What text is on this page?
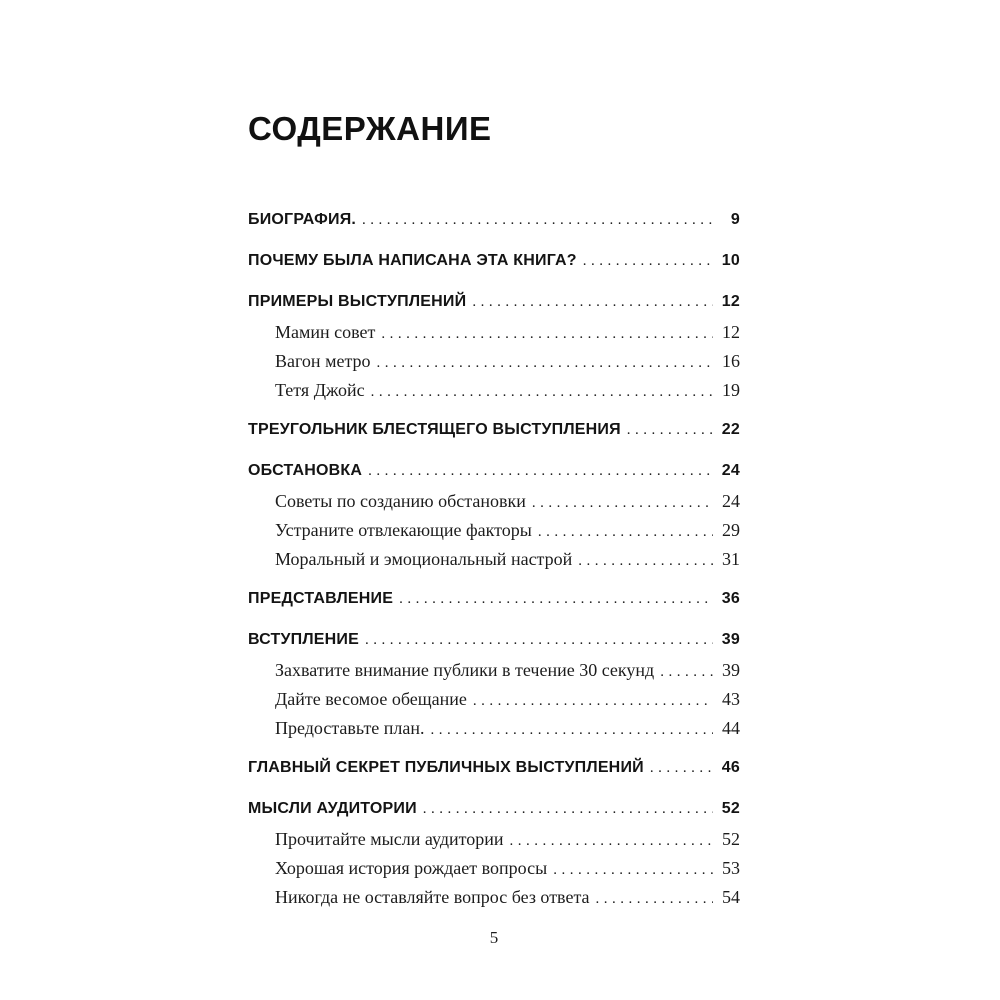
СОДЕРЖАНИЕ
БИОГРАФИЯ. .....	9
ПОЧЕМУ БЫЛА НАПИСАНА ЭТА КНИГА? .....	10
ПРИМЕРЫ ВЫСТУПЛЕНИЙ .....	12
Мамин совет .....	12
Вагон метро .....	16
Тетя Джойс .....	19
ТРЕУГОЛЬНИК БЛЕСТЯЩЕГО ВЫСТУПЛЕНИЯ .....	22
ОБСТАНОВКА .....	24
Советы по созданию обстановки .....	24
Устраните отвлекающие факторы .....	29
Моральный и эмоциональный настрой .....	31
ПРЕДСТАВЛЕНИЕ .....	36
ВСТУПЛЕНИЕ .....	39
Захватите внимание публики в течение 30 секунд .....	39
Дайте весомое обещание .....	43
Предоставьте план. .....	44
ГЛАВНЫЙ СЕКРЕТ ПУБЛИЧНЫХ ВЫСТУПЛЕНИЙ .....	46
МЫСЛИ АУДИТОРИИ .....	52
Прочитайте мысли аудитории .....	52
Хорошая история рождает вопросы .....	53
Никогда не оставляйте вопрос без ответа .....	54
5
